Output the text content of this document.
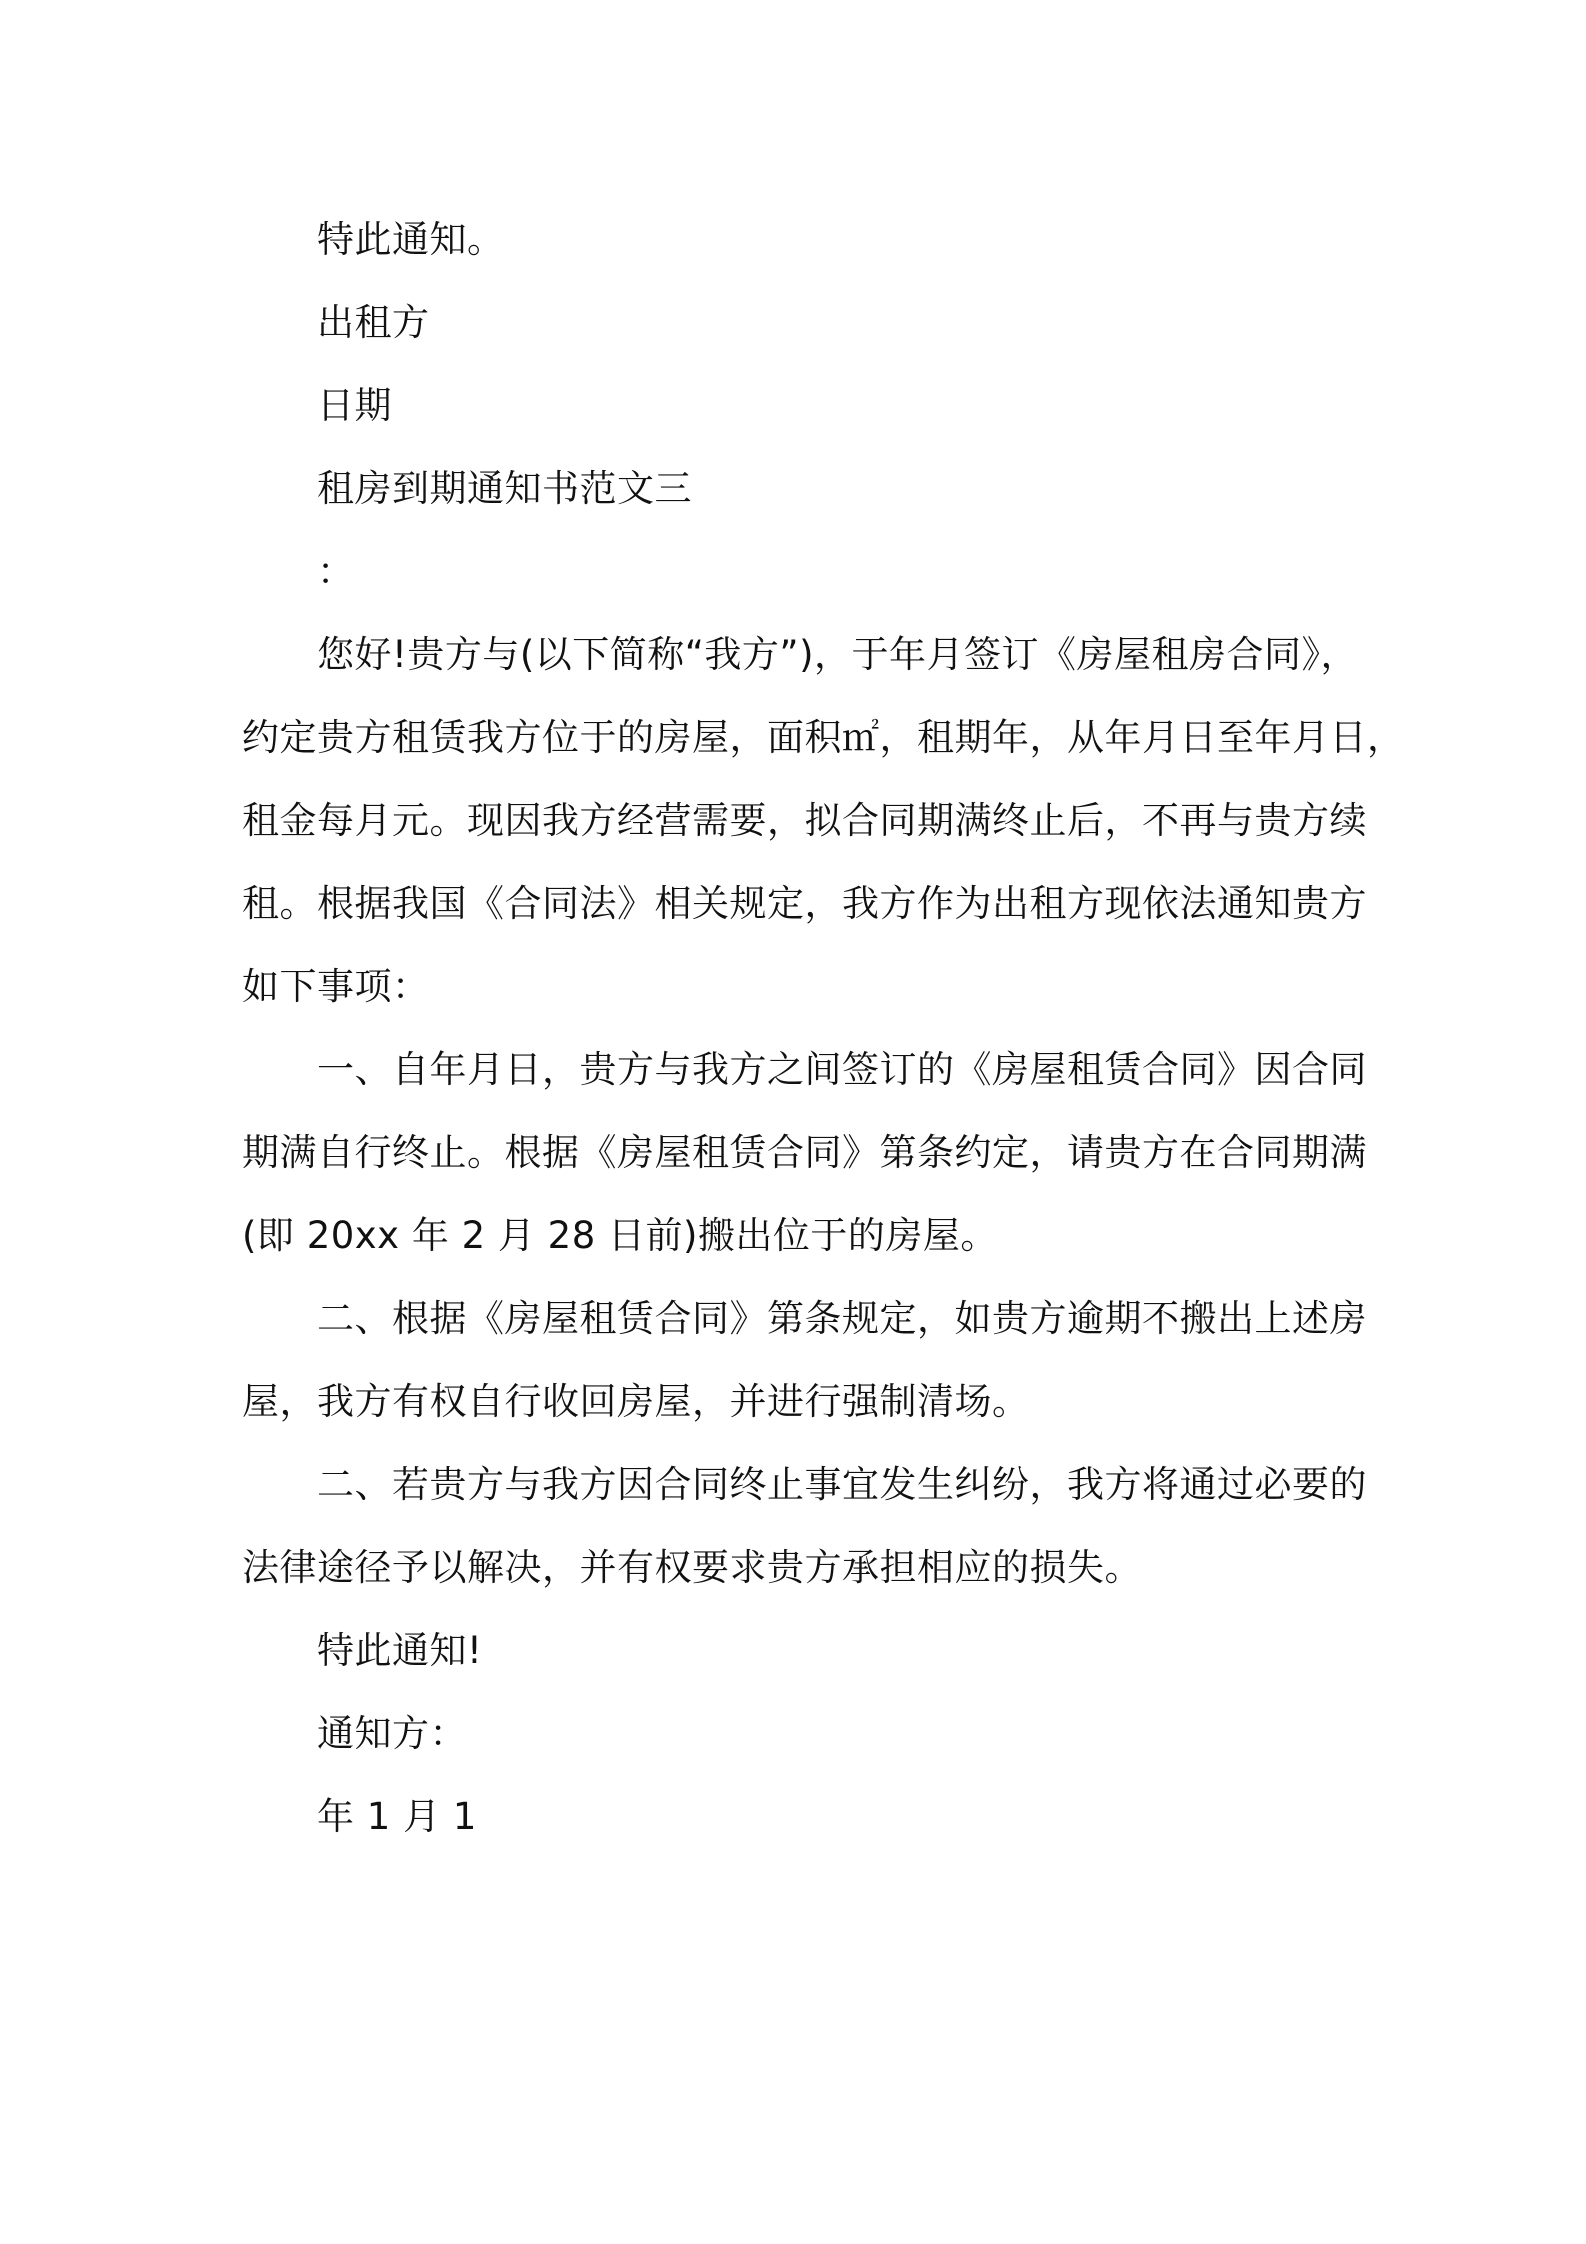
特此通知。
出租方
日期
租房到期通知书范文三
：
您好!贵方与(以下简称“我方”)，于年月签订《房屋租房合同》，
约定贵方租赁我方位于的房屋，面积㎡，租期年，从年月日至年月日，
租金每月元。现因我方经营需要，拟合同期满终止后，不再与贵方续
租。根据我国《合同法》相关规定，我方作为出租方现依法通知贵方
如下事项：
一、自年月日，贵方与我方之间签订的《房屋租赁合同》因合同
期满自行终止。根据《房屋租赁合同》第条约定，请贵方在合同期满
(即 20xx 年 2 月 28 日前)搬出位于的房屋。
二、根据《房屋租赁合同》第条规定，如贵方逾期不搬出上述房
屋，我方有权自行收回房屋，并进行强制清场。
二、若贵方与我方因合同终止事宜发生纠纷，我方将通过必要的
法律途径予以解决，并有权要求贵方承担相应的损失。
特此通知!
通知方：
年 1 月 1
